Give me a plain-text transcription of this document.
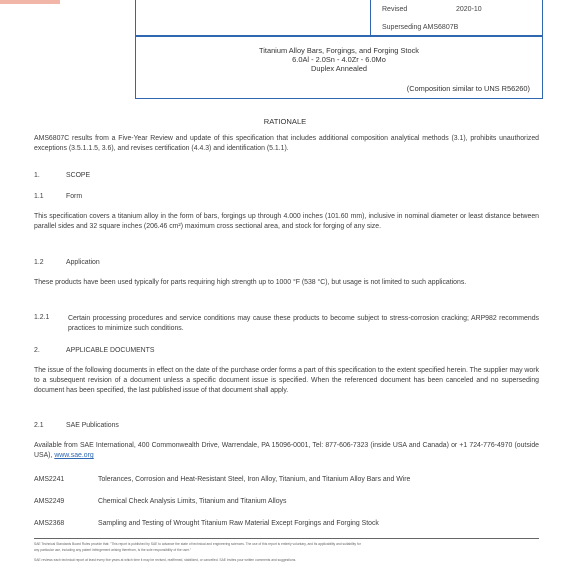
Revised	2020-10
Superseding AMS6807B
Titanium Alloy Bars, Forgings, and Forging Stock
6.0Al - 2.0Sn - 4.0Zr - 6.0Mo
Duplex Annealed
(Composition similar to UNS R56260)
RATIONALE

AMS6807C results from a Five-Year Review and update of this specification that includes additional composition analytical methods (3.1), prohibits unauthorized exceptions (3.5.1.1.5, 3.6), and revises certification (4.4.3) and identification (5.1.1).

1.	SCOPE
1.1	Form

This specification covers a titanium alloy in the form of bars, forgings up through 4.000 inches (101.60 mm), inclusive in nominal diameter or least distance between parallel sides and 32 square inches (206.46 cm²) maximum cross sectional area, and stock for forging of any size.

1.2	Application

These products have been used typically for parts requiring high strength up to 1000 °F (538 °C), but usage is not limited to such applications.

1.2.1	Certain processing procedures and service conditions may cause these products to become subject to stress-corrosion cracking; ARP982 recommends practices to minimize such conditions.

2.	APPLICABLE DOCUMENTS

The issue of the following documents in effect on the date of the purchase order forms a part of this specification to the extent specified herein. The supplier may work to a subsequent revision of a document unless a specific document issue is specified. When the referenced document has been canceled and no superseding document has been specified, the last published issue of that document shall apply.

2.1	SAE Publications

Available from SAE International, 400 Commonwealth Drive, Warrendale, PA 15096-0001, Tel: 877-606-7323 (inside USA and Canada) or +1 724-776-4970 (outside USA), www.sae.org

AMS2241	Tolerances, Corrosion and Heat-Resistant Steel, Iron Alloy, Titanium, and Titanium Alloy Bars and Wire
AMS2249	Chemical Check Analysis Limits, Titanium and Titanium Alloys
AMS2368	Sampling and Testing of Wrought Titanium Raw Material Except Forgings and Forging Stock
SAE Technical Standards Board Rules provide that: "This report is published by SAE to advance the state of technical and engineering sciences. The use of this report is entirely voluntary, and its applicability and suitability for
any particular use, including any patent infringement arising therefrom, is the sole responsibility of the user."
SAE reviews each technical report at least every five years at which time it may be revised, reaffirmed, stabilized, or cancelled. SAE invites your written comments and suggestions.
